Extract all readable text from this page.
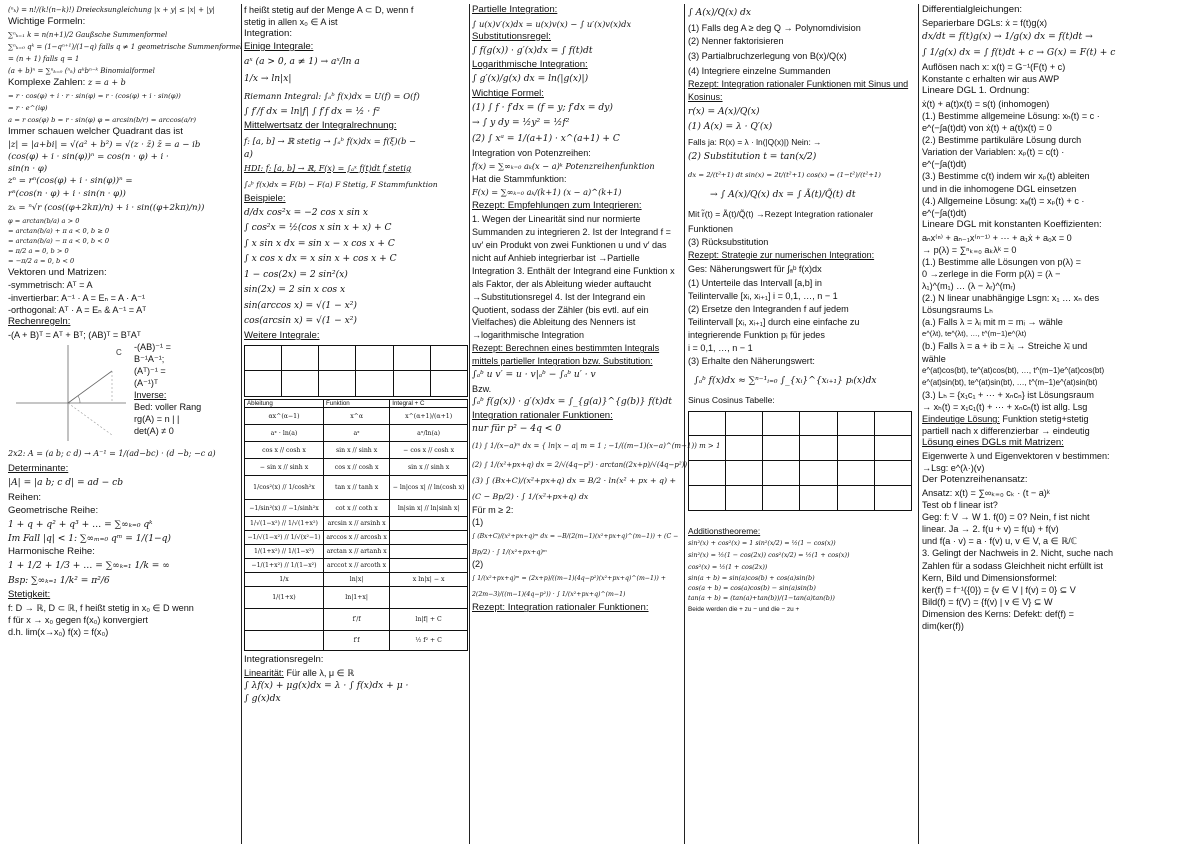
(ⁿₖ) = n!/(k!(n−k)!) Dreiecksungleichung |x + y| ≤ |x| + |y|
Wichtige Formeln:
∑ⁿₖ₌₁ k = n(n+1)/2 Gaußsche Summenformel
∑ⁿₖ₌₀ qᵏ = (1−qⁿ⁺¹)/(1−q) falls q ≠ 1 geometrische Summenformel
= (n + 1) falls q = 1
(a + b)ⁿ = ∑ⁿₖ₌₀ (ⁿₖ) aᵏbⁿ⁻ᵏ Binomialformel
Komplexe Zahlen: z = a + b
= r · cos(φ) + i · r · sin(φ) = r · (cos(φ) + i · sin(φ))
= r · e^(iφ)
a = r cos(φ) b = r · sin(φ) φ = arcsin(b/r) = arccos(a/r)
Immer schauen welcher Quadrant das ist
|z| = |a+bi| = √(a² + b²) = √(z · z̄) z̄ = a − ib
(cos(φ) + i · sin(φ))ⁿ = cos(n · φ) + i ·
sin(n · φ)
zⁿ = rⁿ(cos(φ) + i · sin(φ))ⁿ =
rⁿ(cos(n · φ) + i · sin(n · φ))
zₖ = ⁿ√r (cos((φ+2kπ)/n) + i · sin((φ+2kπ)/n))
φ = arctan(b/a) a > 0
= arctan(b/a) + π a < 0, b ≥ 0
= arctan(b/a) − π a < 0, b < 0
= π/2 a = 0, b > 0
= −π/2 a = 0, b < 0
Vektoren und Matrizen:
-symmetrisch: Aᵀ = A
-invertierbar: A⁻¹ · A = Eₙ = A · A⁻¹
-orthogonal: Aᵀ · A = Eₙ & A⁻¹ = Aᵀ
Rechenregeln:
-(A + B)ᵀ = Aᵀ + Bᵀ; (AB)ᵀ = BᵀAᵀ
C
-(AB)⁻¹ =
B⁻¹A⁻¹;
(Aᵀ)⁻¹ =
(A⁻¹)ᵀ
Inverse:
Bed: voller Rang
rg(A) = n | |
det(A) ≠ 0
2x2: A = (a b; c d) → A⁻¹ = 1/(ad−bc) · (d −b; −c a)
Determinante:
|A| = |a b; c d| = ad − cb
Reihen:
Geometrische Reihe:
1 + q + q² + q³ + … = ∑∞ₖ₌₀ qᵏ
Im Fall |q| < 1: ∑∞ₘ₌₀ qᵐ = 1/(1−q)
Harmonische Reihe:
1 + 1/2 + 1/3 + … = ∑∞ₖ₌₁ 1/k = ∞
Bsp: ∑∞ₖ₌₁ 1/k² = π²/6
Stetigkeit:
f: D → ℝ, D ⊂ ℝ, f heißt stetig in x₀ ∈ D wenn
f für x → x₀ gegen f(x₀) konvergiert
d.h. lim(x→x₀) f(x) = f(x₀)
f heißt stetig auf der Menge A ⊂ D, wenn f
stetig in allen x₀ ∈ A ist
Integration:
Einige Integrale:
aˣ (a > 0, a ≠ 1) → aˣ/ln a
1/x → ln|x|
Riemann Integral: ∫ₐᵇ f(x)dx = U(f) = O(f)
∫ f′/f dx = ln|f| ∫ f′f dx = ½ · f²
Mittelwertsatz der Integralrechnung:
f: [a, b] → ℝ stetig → ∫ₐᵇ f(x)dx = f(ξ)(b −
a)
HDI: f: [a, b] → ℝ, F(x) = ∫ₐˣ f(t)dt f stetig
∫ₐᵇ f(x)dx = F(b) − F(a) F Stetig, F Stammfunktion
Beispiele:
d/dx cos²x = −2 cos x sin x
∫ cos²x = ½(cos x sin x + x) + C
∫ x sin x dx = sin x − x cos x + C
∫ x cos x dx = x sin x + cos x + C
1 − cos(2x) = 2 sin²(x)
sin(2x) = 2 sin x cos x
sin(arccos x) = √(1 − x²)
cos(arcsin x) = √(1 − x²)
Weitere Integrale:

Ableitung	Funktion	Integral + C
αx^(α−1)	x^α	x^(α+1)/(α+1)
aˣ · ln(a)	aˣ	aˣ/ln(a)
cos x // cosh x	sin x // sinh x	− cos x // cosh x
− sin x // sinh x	cos x // cosh x	sin x // sinh x
1/cos²(x) // 1/cosh²x	tan x // tanh x	− ln|cos x| // ln(cosh x)
−1/sin²(x) // −1/sinh²x	cot x // coth x	ln|sin x| // ln|sinh x|
1/√(1−x²) // 1/√(1+x²)	arcsin x // arsinh x	
−1/√(1−x²) // 1/√(x²−1)	arccos x // arcosh x	
1/(1+x²) // 1/(1−x²)	arctan x // artanh x	
−1/(1+x²) // 1/(1−x²)	arccot x // arcoth x	
1/x	ln|x|	x ln|x| − x
1/(1+x)	ln|1+x|	
	f′/f	ln|f| + C
	f′f	½ f² + C
Integrationsregeln:
Linearität: Für alle λ, μ ∈ ℝ
∫ λf(x) + μg(x)dx = λ · ∫ f(x)dx + μ ·
∫ g(x)dx
Partielle Integration:
∫ u(x)v′(x)dx = u(x)v(x) − ∫ u′(x)v(x)dx
Substitutionsregel:
∫ f(g(x)) · g′(x)dx = ∫ f(t)dt
Logarithmische Integration:
∫ g′(x)/g(x) dx = ln(|g(x)|)
Wichtige Formel:
(1) ∫ f · f′dx = (f = y; f′dx = dy)
→ ∫ y dy = ½y² = ½f²
(2) ∫ xᵃ = 1/(a+1) · x^(a+1) + C
Integration von Potenzreihen:
f(x) = ∑∞ₖ₌₀ aₖ(x − a)ᵏ Potenzreihenfunktion
Hat die Stammfunktion:
F(x) = ∑∞ₖ₌₀ aₖ/(k+1) (x − a)^(k+1)
Rezept: Empfehlungen zum Integrieren:
1. Wegen der Linearität sind nur normierte Summanden zu integrieren 2. Ist der Integrand f = uv′ ein Produkt von zwei Funktionen u und v′ das nicht auf Anhieb integrierbar ist →Partielle Integration 3. Enthält der Integrand eine Funktion x als Faktor, der als Ableitung wieder auftaucht →Substitutionsregel 4. Ist der Integrand ein Quotient, sodass der Zähler (bis evtl. auf ein Vielfaches) die Ableitung des Nenners ist →logarithmische Integration
Rezept: Berechnen eines bestimmten Integrals mittels partieller Integration bzw. Substitution:
∫ₐᵇ u v′ = u · v|ₐᵇ − ∫ₐᵇ u′ · v
Bzw.
∫ₐᵇ f(g(x)) · g′(x)dx = ∫_{g(a)}^{g(b)} f(t)dt
Integration rationaler Funktionen:
nur für p² − 4q < 0
(1) ∫ 1/(x−a)ᵐ dx = { ln|x − a| m = 1 ; −1/((m−1)(x−a)^(m−1)) m > 1
(2) ∫ 1/(x²+px+q) dx = 2/√(4q−p²) · arctan((2x+p)/√(4q−p²))
(3) ∫ (Bx+C)/(x²+px+q) dx = B/2 · ln(x² + px + q) +
(C − Bp/2) · ∫ 1/(x²+px+q) dx
Für m ≥ 2:
(1)
∫ (Bx+C)/(x²+px+q)ᵐ dx = −B/(2(m−1)(x²+px+q)^(m−1)) + (C −
Bp/2) · ∫ 1/(x²+px+q)ᵐ
(2)
∫ 1/(x²+px+q)ᵐ = (2x+p)/((m−1)(4q−p²)(x²+px+q)^(m−1)) +
2(2m−3)/((m−1)(4q−p²)) · ∫ 1/(x²+px+q)^(m−1)
Rezept: Integration rationaler Funktionen:
∫ A(x)/Q(x) dx
(1) Falls deg A ≥ deg Q → Polynomdivision
(2) Nenner faktorisieren
(3) Partialbruchzerlegung von B(x)/Q(x)
(4) Integriere einzelne Summanden
Rezept: Integration rationaler Funktionen mit Sinus und Kosinus:
r(x) = A(x)/Q(x)
(1) A(x) = λ · Q′(x)
Falls ja: R(x) = λ · ln(|Q(x)|) Nein: →
(2) Substitution t = tan(x/2)
dx = 2/(t²+1) dt sin(x) = 2t/(t²+1) cos(x) = (1−t²)/(t²+1)
→ ∫ A(x)/Q(x) dx = ∫ Ã(t)/Q̃(t) dt
Mit r̃(t) = Ã(t)/Q̃(t) →Rezept Integration rationaler
Funktionen
(3) Rücksubstitution
Rezept: Strategie zur numerischen Integration:
Ges: Näherungswert für ∫ₐᵇ f(x)dx
(1) Unterteile das Intervall [a,b] in
Teilintervalle [xᵢ, xᵢ₊₁] i = 0,1, …, n − 1
(2) Ersetze den Integranden f auf jedem
Teilintervall [xᵢ, xᵢ₊₁] durch eine einfache zu
integrierende Funktion pᵢ für jedes
i = 0,1, …, n − 1
(3) Erhalte den Näherungswert:
∫ₐᵇ f(x)dx ≈ ∑ⁿ⁻¹ᵢ₌₀ ∫_{xᵢ}^{xᵢ₊₁} pᵢ(x)dx
Sinus Cosinus Tabelle:

Additionstheoreme:
sin²(x) + cos²(x) = 1 sin²(x/2) = ½(1 − cos(x))
sin²(x) = ½(1 − cos(2x)) cos²(x/2) = ½(1 + cos(x))
cos²(x) = ½(1 + cos(2x))
sin(a + b) = sin(a)cos(b) + cos(a)sin(b)
cos(a + b) = cos(a)cos(b) − sin(a)sin(b)
tan(a + b) = (tan(a)+tan(b))/(1−tan(a)tan(b))
Beide werden die + zu − und die − zu +
Differentialgleichungen:
Separierbare DGLs: ẋ = f(t)g(x)
dx/dt = f(t)g(x) → 1/g(x) dx = f(t)dt →
∫ 1/g(x) dx = ∫ f(t)dt + c → G(x) = F(t) + c
Auflösen nach x: x(t) = G⁻¹(F(t) + c)
Konstante c erhalten wir aus AWP
Lineare DGL 1. Ordnung:
ẋ(t) + a(t)x(t) = s(t) (inhomogen)
(1.) Bestimme allgemeine Lösung: xₕ(t) = c ·
e^(−∫a(t)dt) von ẋ(t) + a(t)x(t) = 0
(2.) Bestimme partikuläre Lösung durch
Variation der Variablen: xₚ(t) = c(t) ·
e^(−∫a(t)dt)
(3.) Bestimme c(t) indem wir xₚ(t) ableiten
und in die inhomogene DGL einsetzen
(4.) Allgemeine Lösung: xₐ(t) = xₚ(t) + c ·
e^(−∫a(t)dt)
Lineare DGL mit konstanten Koeffizienten:
aₙx⁽ⁿ⁾ + aₙ₋₁x⁽ⁿ⁻¹⁾ + ⋯ + a₁ẋ + a₀x = 0
→ p(λ) = ∑ⁿₖ₌₀ aₖλᵏ = 0
(1.) Bestimme alle Lösungen von p(λ) =
0 →zerlege in die Form p(λ) = (λ −
λ₁)^(m₁) … (λ − λᵣ)^(mᵣ)
(2.) N linear unabhängige Lsgn: x₁ … xₙ des
Lösungsraums Lₕ
(a.) Falls λ = λᵢ mit m = mᵢ → wähle
e^(λt), te^(λt), …, t^(m−1)e^(λt)
(b.) Falls λ = a + ib = λᵢ → Streiche λ̄ᵢ und
wähle
e^(at)cos(bt), te^(at)cos(bt), …, t^(m−1)e^(at)cos(bt)
e^(at)sin(bt), te^(at)sin(bt), …, t^(m−1)e^(at)sin(bt)
(3.) Lₕ = {x₁c₁ + ⋯ + xₙcₙ} ist Lösungsraum
→ xₕ(t) = x₁c₁(t) + ⋯ + xₙcₙ(t) ist allg. Lsg
Eindeutige Lösung: Funktion stetig+stetig
partiell nach x differenzierbar → eindeutig
Lösung eines DGLs mit Matrizen:
Eigenwerte λ und Eigenvektoren v bestimmen:
→Lsg: e^(λ·)(v)
Der Potenzreihenansatz:
Ansatz: x(t) = ∑∞ₖ₌₀ cₖ · (t − a)ᵏ
Test ob f linear ist?
Geg: f: V → W 1. f(0) = 0? Nein, f ist nicht
linear. Ja → 2. f(u + v) = f(u) + f(v)
und f(a · v) = a · f(v) u, v ∈ V, a ∈ ℝ/ℂ
3. Gelingt der Nachweis in 2. Nicht, suche nach
Zahlen für a sodass Gleichheit nicht erfüllt ist
Kern, Bild und Dimensionsformel:
ker(f) = f⁻¹({0}) = {v ∈ V | f(v) = 0} ⊆ V
Bild(f) = f(V) = {f(v) | v ∈ V} ⊆ W
Dimension des Kerns: Defekt: def(f) =
dim(ker(f))
